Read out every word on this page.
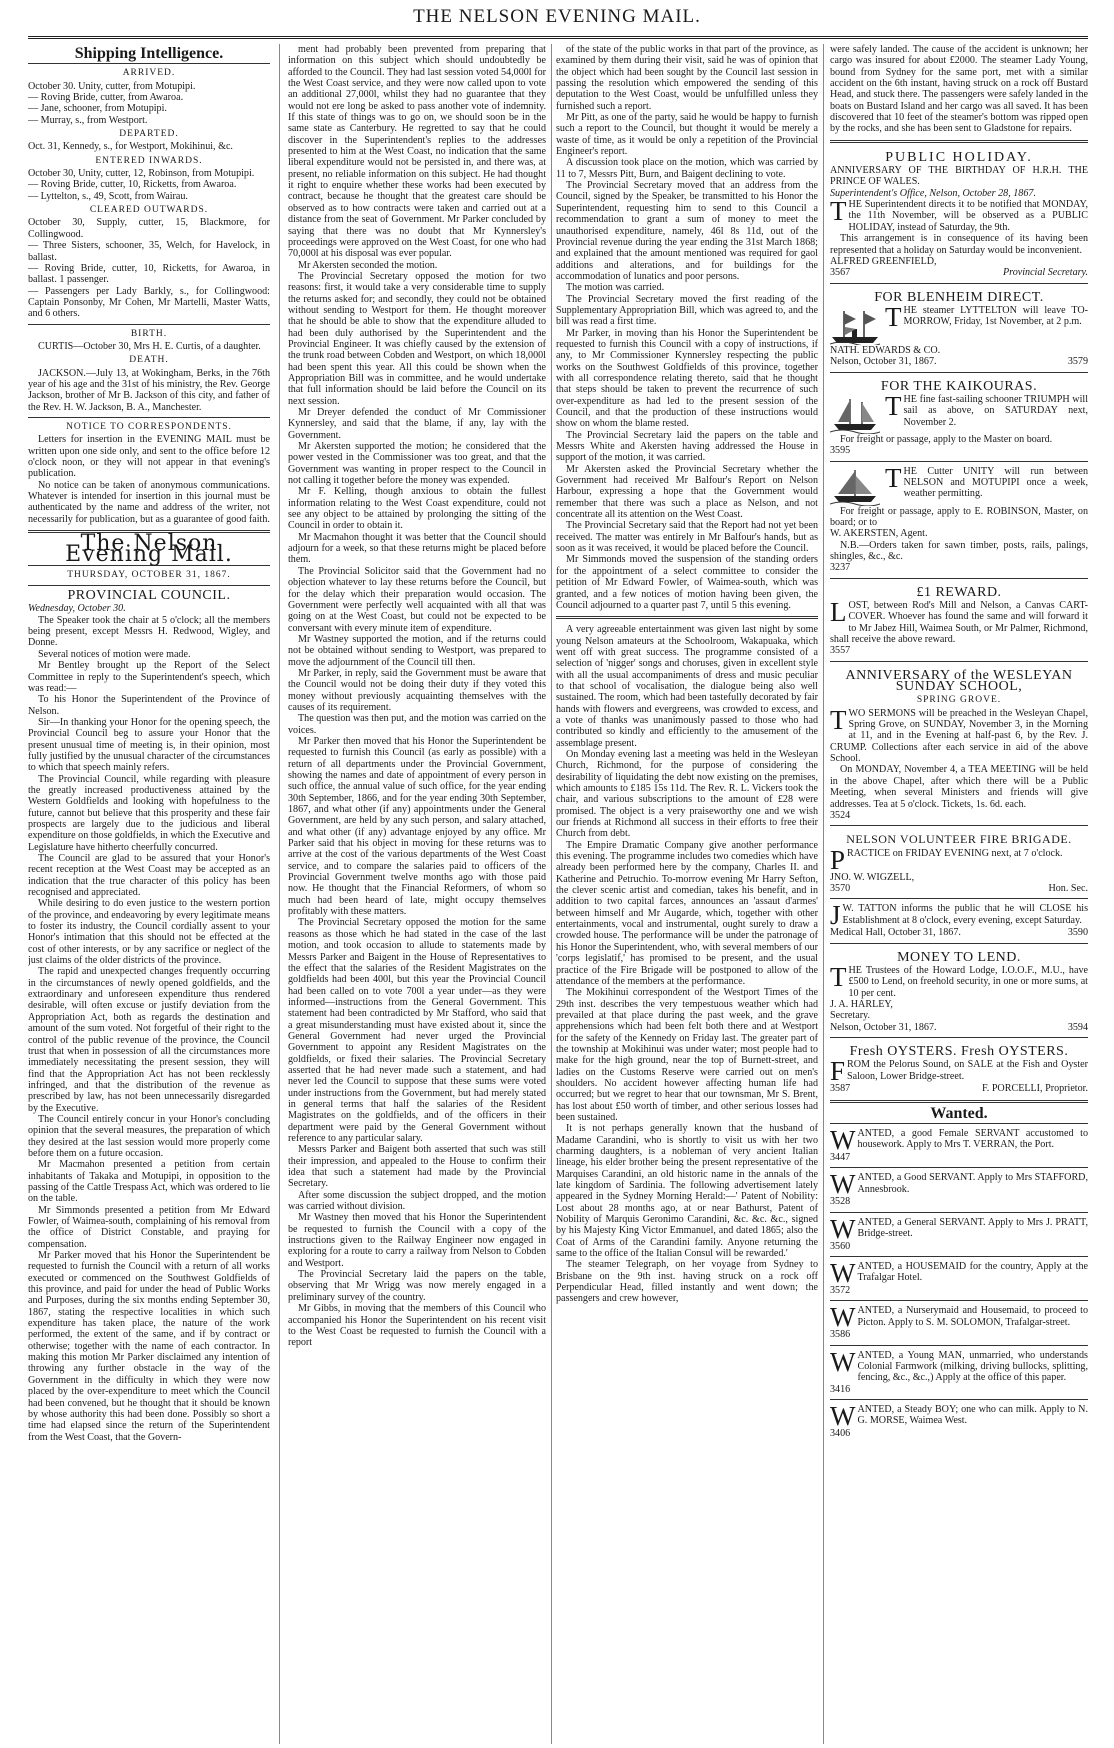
THE NELSON EVENING MAIL.
Shipping Intelligence.
ARRIVED.

October 30. Unity, cutter, from Motupipi.

— Roving Bride, cutter, from Awaroa.

— Jane, schooner, from Motupipi.

— Murray, s., from Westport.

DEPARTED.

Oct. 31, Kennedy, s., for Westport, Mokihinui, &c.

ENTERED INWARDS.

October 30, Unity, cutter, 12, Robinson, from Motupipi.

— Roving Bride, cutter, 10, Ricketts, from Awaroa.

— Lyttelton, s., 49, Scott, from Wairau.

CLEARED OUTWARDS.

October 30, Supply, cutter, 15, Blackmore, for Collingwood.

— Three Sisters, schooner, 35, Welch, for Havelock, in ballast.

— Roving Bride, cutter, 10, Ricketts, for Awaroa, in ballast. 1 passenger.

— Passengers per Lady Barkly, s., for Collingwood: Captain Ponsonby, Mr Cohen, Mr Martelli, Master Watts, and 6 others.

BIRTH.

CURTIS—October 30, Mrs H. E. Curtis, of a daughter.

DEATH.

JACKSON.—July 13, at Wokingham, Berks, in the 76th year of his age and the 31st of his ministry, the Rev. George Jackson, brother of Mr B. Jackson of this city, and father of the Rev. H. W. Jackson, B. A., Manchester.

NOTICE TO CORRESPONDENTS.

Letters for insertion in the EVENING MAIL must be written upon one side only, and sent to the office before 12 o'clock noon, or they will not appear in that evening's publication.

No notice can be taken of anonymous communications. Whatever is intended for insertion in this journal must be authenticated by the name and address of the writer, not necessarily for publication, but as a guarantee of good faith.

The Nelson Evening Mail.
THURSDAY, OCTOBER 31, 1867.
PROVINCIAL COUNCIL.

Wednesday, October 30.

The Speaker took the chair at 5 o'clock; all the members being present, except Messrs H. Redwood, Wigley, and Donne.

Several notices of motion were made.

Mr Bentley brought up the Report of the Select Committee in reply to the Superintendent's speech, which was read:—

To his Honor the Superintendent of the Province of Nelson.

Sir—In thanking your Honor for the opening speech, the Provincial Council beg to assure your Honor that the present unusual time of meeting is, in their opinion, most fully justified by the unusual character of the circumstances to which that speech mainly refers.

The Provincial Council, while regarding with pleasure the greatly increased productiveness attained by the Western Goldfields and looking with hopefulness to the future, cannot but believe that this prosperity and these fair prospects are largely due to the judicious and liberal expenditure on those goldfields, in which the Executive and Legislature have hitherto cheerfully concurred.

The Council are glad to be assured that your Honor's recent reception at the West Coast may be accepted as an indication that the true character of this policy has been recognised and appreciated.

While desiring to do even justice to the western portion of the province, and endeavoring by every legitimate means to foster its industry, the Council cordially assent to your Honor's intimation that this should not be effected at the cost of other interests, or by any sacrifice or neglect of the just claims of the older districts of the province.

The rapid and unexpected changes frequently occurring in the circumstances of newly opened goldfields, and the extraordinary and unforeseen expenditure thus rendered desirable, will often excuse or justify deviation from the Appropriation Act, both as regards the destination and amount of the sum voted. Not forgetful of their right to the control of the public revenue of the province, the Council trust that when in possession of all the circumstances more immediately necessitating the present session, they will find that the Appropriation Act has not been recklessly infringed, and that the distribution of the revenue as prescribed by law, has not been unnecessarily disregarded by the Executive.

The Council entirely concur in your Honor's concluding opinion that the several measures, the preparation of which they desired at the last session would more properly come before them on a future occasion.

Mr Macmahon presented a petition from certain inhabitants of Takaka and Motupipi, in opposition to the passing of the Cattle Trespass Act, which was ordered to lie on the table.

Mr Simmonds presented a petition from Mr Edward Fowler, of Waimea-south, complaining of his removal from the office of District Constable, and praying for compensation.

Mr Parker moved that his Honor the Superintendent be requested to furnish the Council with a return of all works executed or commenced on the Southwest Goldfields of this province, and paid for under the head of Public Works and Purposes, during the six months ending September 30, 1867, stating the respective localities in which such expenditure has taken place, the nature of the work performed, the extent of the same, and if by contract or otherwise; together with the name of each contractor. In making this motion Mr Parker disclaimed any intention of throwing any further obstacle in the way of the Government in the difficulty in which they were now placed by the over-expenditure to meet which the Council had been convened, but he thought that it should be known by whose authority this had been done. Possibly so short a time had elapsed since the return of the Superintendent from the West Coast, that the Govern-

ment had probably been prevented from preparing that information on this subject which should undoubtedly be afforded to the Council. They had last session voted 54,000l for the West Coast service, and they were now called upon to vote an additional 27,000l, whilst they had no guarantee that they would not ere long be asked to pass another vote of indemnity. If this state of things was to go on, we should soon be in the same state as Canterbury. He regretted to say that he could discover in the Superintendent's replies to the addresses presented to him at the West Coast, no indication that the same liberal expenditure would not be persisted in, and there was, at present, no reliable information on this subject. He had thought it right to enquire whether these works had been executed by contract, because he thought that the greatest care should be observed as to how contracts were taken and carried out at a distance from the seat of Government. Mr Parker concluded by saying that there was no doubt that Mr Kynnersley's proceedings were approved on the West Coast, for one who had 70,000l at his disposal was ever popular.

Mr Akersten seconded the motion.

The Provincial Secretary opposed the motion for two reasons: first, it would take a very considerable time to supply the returns asked for; and secondly, they could not be obtained without sending to Westport for them. He thought moreover that he should be able to show that the expenditure alluded to had been duly authorised by the Superintendent and the Provincial Engineer. It was chiefly caused by the extension of the trunk road between Cobden and Westport, on which 18,000l had been spent this year. All this could be shown when the Appropriation Bill was in committee, and he would undertake that full information should be laid before the Council on its next session.

Mr Dreyer defended the conduct of Mr Commissioner Kynnersley, and said that the blame, if any, lay with the Government.

Mr Akersten supported the motion; he considered that the power vested in the Commissioner was too great, and that the Government was wanting in proper respect to the Council in not calling it together before the money was expended.

Mr F. Kelling, though anxious to obtain the fullest information relating to the West Coast expenditure, could not see any object to be attained by prolonging the sitting of the Council in order to obtain it.

Mr Macmahon thought it was better that the Council should adjourn for a week, so that these returns might be placed before them.

The Provincial Solicitor said that the Government had no objection whatever to lay these returns before the Council, but for the delay which their preparation would occasion. The Government were perfectly well acquainted with all that was going on at the West Coast, but could not be expected to be conversant with every minute item of expenditure.

Mr Wastney supported the motion, and if the returns could not be obtained without sending to Westport, was prepared to move the adjournment of the Council till then.

Mr Parker, in reply, said the Government must be aware that the Council would not be doing their duty if they voted this money without previously acquainting themselves with the causes of its requirement.

The question was then put, and the motion was carried on the voices.

Mr Parker then moved that his Honor the Superintendent be requested to furnish this Council (as early as possible) with a return of all departments under the Provincial Government, showing the names and date of appointment of every person in such office, the annual value of such office, for the year ending 30th September, 1866, and for the year ending 30th September, 1867, and what other (if any) appointments under the General Government, are held by any such person, and salary attached, and what other (if any) advantage enjoyed by any office. Mr Parker said that his object in moving for these returns was to arrive at the cost of the various departments of the West Coast service, and to compare the salaries paid to officers of the Provincial Government twelve months ago with those paid now. He thought that the Financial Reformers, of whom so much had been heard of late, might occupy themselves profitably with these matters.

The Provincial Secretary opposed the motion for the same reasons as those which he had stated in the case of the last motion, and took occasion to allude to statements made by Messrs Parker and Baigent in the House of Representatives to the effect that the salaries of the Resident Magistrates on the goldfields had been 400l, but this year the Provincial Council had been called on to vote 700l a year under—as they were informed—instructions from the General Government. This statement had been contradicted by Mr Stafford, who said that a great misunderstanding must have existed about it, since the General Government had never urged the Provincial Government to appoint any Resident Magistrates on the goldfields, or fixed their salaries. The Provincial Secretary asserted that he had never made such a statement, and had never led the Council to suppose that these sums were voted under instructions from the Government, but had merely stated in general terms that half the salaries of the Resident Magistrates on the goldfields, and of the officers in their department were paid by the General Government without reference to any particular salary.

Messrs Parker and Baigent both asserted that such was still their impression, and appealed to the House to confirm their idea that such a statement had made by the Provincial Secretary.

After some discussion the subject dropped, and the motion was carried without division.

Mr Wastney then moved that his Honor the Superintendent be requested to furnish the Council with a copy of the instructions given to the Railway Engineer now engaged in exploring for a route to carry a railway from Nelson to Cobden and Westport.

The Provincial Secretary laid the papers on the table, observing that Mr Wrigg was now merely engaged in a preliminary survey of the country.

Mr Gibbs, in moving that the members of this Council who accompanied his Honor the Superintendent on his recent visit to the West Coast be requested to furnish the Council with a report

of the state of the public works in that part of the province, as examined by them during their visit, said he was of opinion that the object which had been sought by the Council last session in passing the resolution which empowered the sending of this deputation to the West Coast, would be unfulfilled unless they furnished such a report.

Mr Pitt, as one of the party, said he would be happy to furnish such a report to the Council, but thought it would be merely a waste of time, as it would be only a repetition of the Provincial Engineer's report.

A discussion took place on the motion, which was carried by 11 to 7, Messrs Pitt, Burn, and Baigent declining to vote.

The Provincial Secretary moved that an address from the Council, signed by the Speaker, be transmitted to his Honor the Superintendent, requesting him to send to this Council a recommendation to grant a sum of money to meet the unauthorised expenditure, namely, 46l 8s 11d, out of the Provincial revenue during the year ending the 31st March 1868; and explained that the amount mentioned was required for gaol additions and alterations, and for buildings for the accommodation of lunatics and poor persons.

The motion was carried.

The Provincial Secretary moved the first reading of the Supplementary Appropriation Bill, which was agreed to, and the bill was read a first time.

Mr Parker, in moving than his Honor the Superintendent be requested to furnish this Council with a copy of instructions, if any, to Mr Commissioner Kynnersley respecting the public works on the Southwest Goldfields of this province, together with all correspondence relating thereto, said that he thought that steps should be taken to prevent the recurrence of such over-expenditure as had led to the present session of the Council, and that the production of these instructions would show on whom the blame rested.

The Provincial Secretary laid the papers on the table and Messrs White and Akersten having addressed the House in support of the motion, it was carried.

Mr Akersten asked the Provincial Secretary whether the Government had received Mr Balfour's Report on Nelson Harbour, expressing a hope that the Government would remember that there was such a place as Nelson, and not concentrate all its attention on the West Coast.

The Provincial Secretary said that the Report had not yet been received. The matter was entirely in Mr Balfour's hands, but as soon as it was received, it would be placed before the Council.

Mr Simmonds moved the suspension of the standing orders for the appointment of a select committee to consider the petition of Mr Edward Fowler, of Waimea-south, which was granted, and a few notices of motion having been given, the Council adjourned to a quarter past 7, until 5 this evening.

A very agreeable entertainment was given last night by some young Nelson amateurs at the Schoolroom, Wakapuaka, which went off with great success. The programme consisted of a selection of 'nigger' songs and choruses, given in excellent style with all the usual accompaniments of dress and music peculiar to that school of vocalisation, the dialogue being also well sustained. The room, which had been tastefully decorated by fair hands with flowers and evergreens, was crowded to excess, and a vote of thanks was unanimously passed to those who had contributed so kindly and efficiently to the amusement of the assemblage present.

On Monday evening last a meeting was held in the Wesleyan Church, Richmond, for the purpose of considering the desirability of liquidating the debt now existing on the premises, which amounts to £185 15s 11d. The Rev. R. L. Vickers took the chair, and various subscriptions to the amount of £28 were promised. The object is a very praiseworthy one and we wish our friends at Richmond all success in their efforts to free their Church from debt.

The Empire Dramatic Company give another performance this evening. The programme includes two comedies which have already been performed here by the company, Charles II. and Katherine and Petruchio. To-morrow evening Mr Harry Sefton, the clever scenic artist and comedian, takes his benefit, and in addition to two capital farces, announces an 'assaut d'armes' between himself and Mr Augarde, which, together with other entertainments, vocal and instrumental, ought surely to draw a crowded house. The performance will be under the patronage of his Honor the Superintendent, who, with several members of our 'corps legislatif,' has promised to be present, and the usual practice of the Fire Brigade will be postponed to allow of the attendance of the members at the performance.

The Mokihinui correspondent of the Westport Times of the 29th inst. describes the very tempestuous weather which had prevailed at that place during the past week, and the grave apprehensions which had been felt both there and at Westport for the safety of the Kennedy on Friday last. The greater part of the township at Mokihinui was under water; most people had to make for the high ground, near the top of Burnett-street, and ladies on the Customs Reserve were carried out on men's shoulders. No accident however affecting human life had occurred; but we regret to hear that our townsman, Mr S. Brent, has lost about £50 worth of timber, and other serious losses had been sustained.

It is not perhaps generally known that the husband of Madame Carandini, who is shortly to visit us with her two charming daughters, is a nobleman of very ancient Italian lineage, his elder brother being the present representative of the Marquises Carandini, an old historic name in the annals of the late kingdom of Sardinia. The following advertisement lately appeared in the Sydney Morning Herald:—' Patent of Nobility: Lost about 28 months ago, at or near Bathurst, Patent of Nobility of Marquis Geronimo Carandini, &c. &c. &c., signed by his Majesty King Victor Emmanuel, and dated 1865; also the Coat of Arms of the Carandini family. Anyone returning the same to the office of the Italian Consul will be rewarded.'

The steamer Telegraph, on her voyage from Sydney to Brisbane on the 9th inst. having struck on a rock off Perpendicular Head, filled instantly and went down; the passengers and crew however,

were safely landed. The cause of the accident is unknown; her cargo was insured for about £2000. The steamer Lady Young, bound from Sydney for the same port, met with a similar accident on the 6th instant, having struck on a rock off Bustard Head, and stuck there. The passengers were safely landed in the boats on Bustard Island and her cargo was all saved. It has been discovered that 10 feet of the steamer's bottom was ripped open by the rocks, and she has been sent to Gladstone for repairs.

PUBLIC HOLIDAY.

ANNIVERSARY OF THE BIRTHDAY OF H.R.H. THE PRINCE OF WALES.

Superintendent's Office, Nelson, October 28, 1867.

THE Superintendent directs it to be notified that MONDAY, the 11th November, will be observed as a PUBLIC HOLIDAY, instead of Saturday, the 9th.

This arrangement is in consequence of its having been represented that a holiday on Saturday would be inconvenient.

ALFRED GREENFIELD,

3567	Provincial Secretary.

FOR BLENHEIM DIRECT.

THE steamer LYTTELTON will leave TO-MORROW, Friday, 1st November, at 2 p.m.

NATH. EDWARDS & CO.

Nelson, October 31, 1867.	3579

FOR THE KAIKOURAS.

THE fine fast-sailing schooner TRIUMPH will sail as above, on SATURDAY next, November 2.

For freight or passage, apply to the Master on board.

3595

THE Cutter UNITY will run between NELSON and MOTUPIPI once a week, weather permitting.

For freight or passage, apply to E. ROBINSON, Master, on board; or to

W. AKERSTEN, Agent.

N.B.—Orders taken for sawn timber, posts, rails, palings, shingles, &c., &c.

3237

£1 REWARD.

LOST, between Rod's Mill and Nelson, a Canvas CART-COVER. Whoever has found the same and will forward it to Mr Jabez Hill, Waimea South, or Mr Palmer, Richmond, shall receive the above reward.

3557

ANNIVERSARY of the WESLEYAN SUNDAY SCHOOL,
SPRING GROVE.

TWO SERMONS will be preached in the Wesleyan Chapel, Spring Grove, on SUNDAY, November 3, in the Morning at 11, and in the Evening at half-past 6, by the Rev. J. CRUMP. Collections after each service in aid of the above School.

On MONDAY, November 4, a TEA MEETING will be held in the above Chapel, after which there will be a Public Meeting, when several Ministers and friends will give addresses. Tea at 5 o'clock. Tickets, 1s. 6d. each.

3524

NELSON VOLUNTEER FIRE BRIGADE.

PRACTICE on FRIDAY EVENING next, at 7 o'clock.

JNO. W. WIGZELL,

3570	Hon. Sec.

J W. TATTON informs the public that he will CLOSE his Establishment at 8 o'clock, every evening, except Saturday.

Medical Hall, October 31, 1867.	3590

MONEY TO LEND.

THE Trustees of the Howard Lodge, I.O.O.F., M.U., have £500 to Lend, on freehold security, in one or more sums, at 10 per cent.

J. A. HARLEY,

Secretary.

Nelson, October 31, 1867.	3594

Fresh OYSTERS. Fresh OYSTERS.

FROM the Pelorus Sound, on SALE at the Fish and Oyster Saloon, Lower Bridge-street.

3587	F. PORCELLI, Proprietor.

Wanted.

WANTED, a good Female SERVANT accustomed to housework. Apply to Mrs T. VERRAN, the Port.

3447

WANTED, a Good SERVANT. Apply to Mrs STAFFORD, Annesbrook.

3528

WANTED, a General SERVANT. Apply to Mrs J. PRATT, Bridge-street.

3560

WANTED, a HOUSEMAID for the country, Apply at the Trafalgar Hotel.

3572

WANTED, a Nurserymaid and Housemaid, to proceed to Picton. Apply to S. M. SOLOMON, Trafalgar-street.

3586

WANTED, a Young MAN, unmarried, who understands Colonial Farmwork (milking, driving bullocks, splitting, fencing, &c., &c.,) Apply at the office of this paper.

3416

WANTED, a Steady BOY; one who can milk. Apply to N. G. MORSE, Waimea West.

3406
